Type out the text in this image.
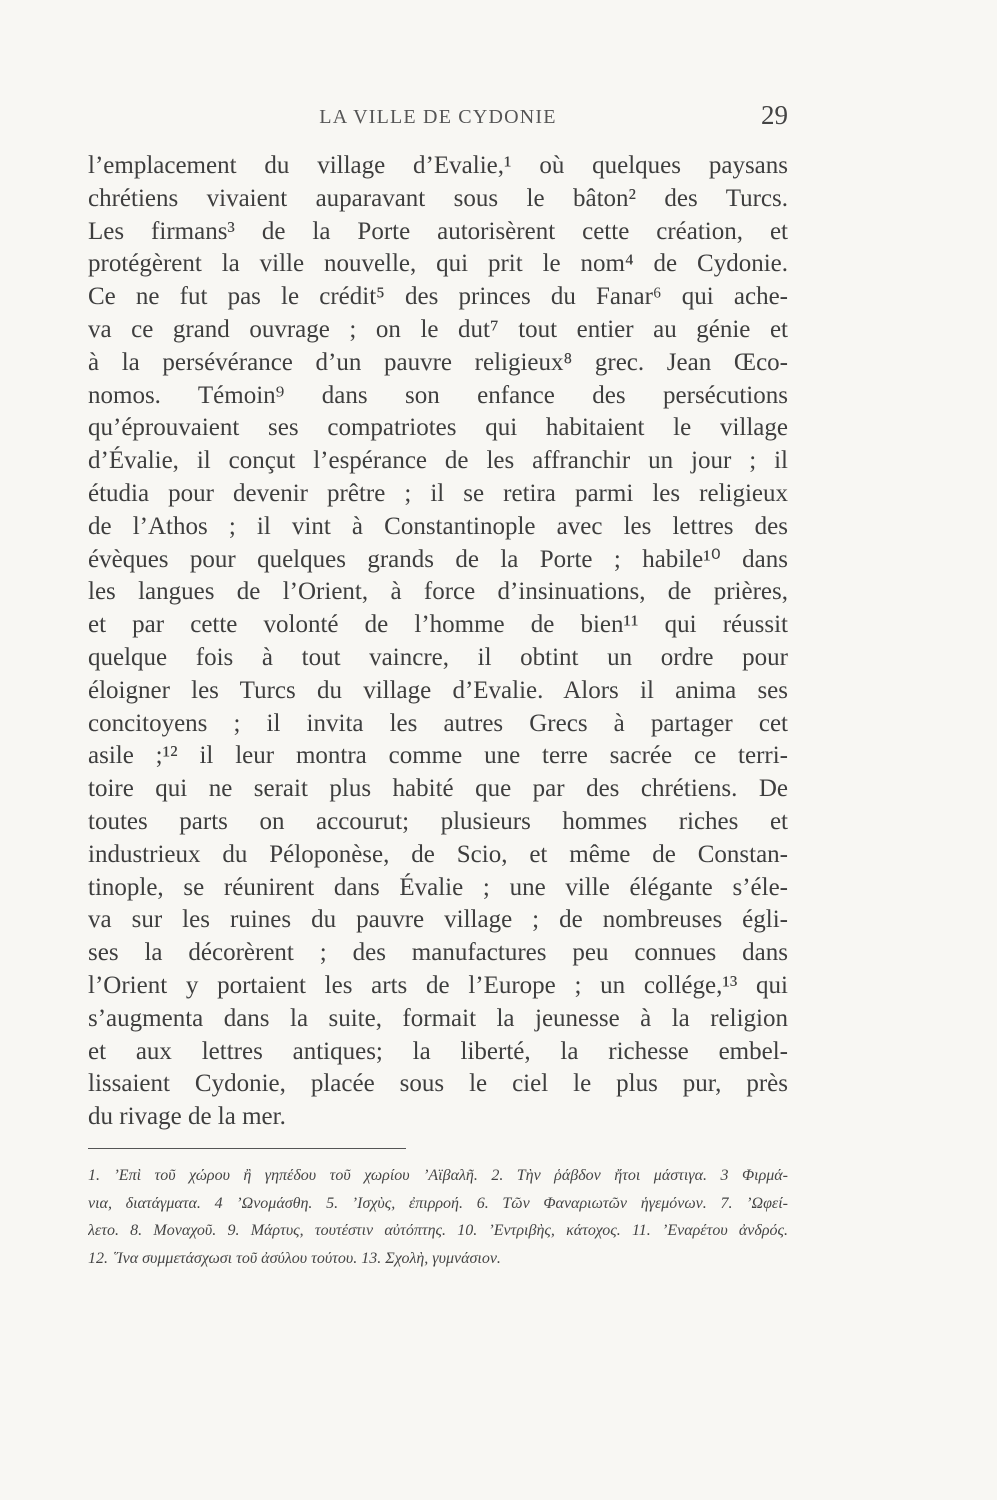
LA VILLE DE CYDONIE	29
l’emplacement du village d’Evalie,¹ où quelques paysans
chrétiens vivaient auparavant sous le bâton² des Turcs.
Les firmans³ de la Porte autorisèrent cette création, et
protégèrent la ville nouvelle, qui prit le nom⁴ de Cydonie.
Ce ne fut pas le crédit⁵ des princes du Fanar⁶ qui ache-
va ce grand ouvrage ; on le dut⁷ tout entier au génie et
à la persévérance d’un pauvre religieux⁸ grec. Jean Œco-
nomos. Témoin⁹ dans son enfance des persécutions
qu’éprouvaient ses compatriotes qui habitaient le village
d’Évalie, il conçut l’espérance de les affranchir un jour ; il
étudia pour devenir prêtre ; il se retira parmi les religieux
de l’Athos ; il vint à Constantinople avec les lettres des
évèques pour quelques grands de la Porte ; habile¹⁰ dans
les langues de l’Orient, à force d’insinuations, de prières,
et par cette volonté de l’homme de bien¹¹ qui réussit
quelque fois à tout vaincre, il obtint un ordre pour
éloigner les Turcs du village d’Evalie. Alors il anima ses
concitoyens ; il invita les autres Grecs à partager cet
asile ;¹² il leur montra comme une terre sacrée ce terri-
toire qui ne serait plus habité que par des chrétiens. De
toutes parts on accourut; plusieurs hommes riches et
industrieux du Péloponèse, de Scio, et même de Constan-
tinople, se réunirent dans Évalie ; une ville élégante s’éle-
va sur les ruines du pauvre village ; de nombreuses égli-
ses la décorèrent ; des manufactures peu connues dans
l’Orient y portaient les arts de l’Europe ; un collége,¹³ qui
s’augmenta dans la suite, formait la jeunesse à la religion
et aux lettres antiques; la liberté, la richesse embel-
lissaient Cydonie, placée sous le ciel le plus pur, près
du rivage de la mer.
1. ’Επὶ τοῦ χώρου ἢ γηπέδου τοῦ χωρίου ’Αϊβαλῆ. 2. Τὴν ῥάβδον ἤτοι μάστιγα. 3 Φιρμά-
νια, διατάγματα. 4 ’Ωνομάσθη. 5. ’Ισχὺς, ἐπιρροή. 6. Τῶν Φαναριωτῶν ἡγεμόνων. 7. ’Ωφεί-
λετο. 8. Μοναχοῦ. 9. Μάρτυς, τουτέστιν αὐτόπτης. 10. ’Εντριβὴς, κάτοχος. 11. ’Εναρέτου ἀνδρός.
12. ῞Ινα συμμετάσχωσι τοῦ ἀσύλου τούτου. 13. Σχολὴ, γυμνάσιον.
